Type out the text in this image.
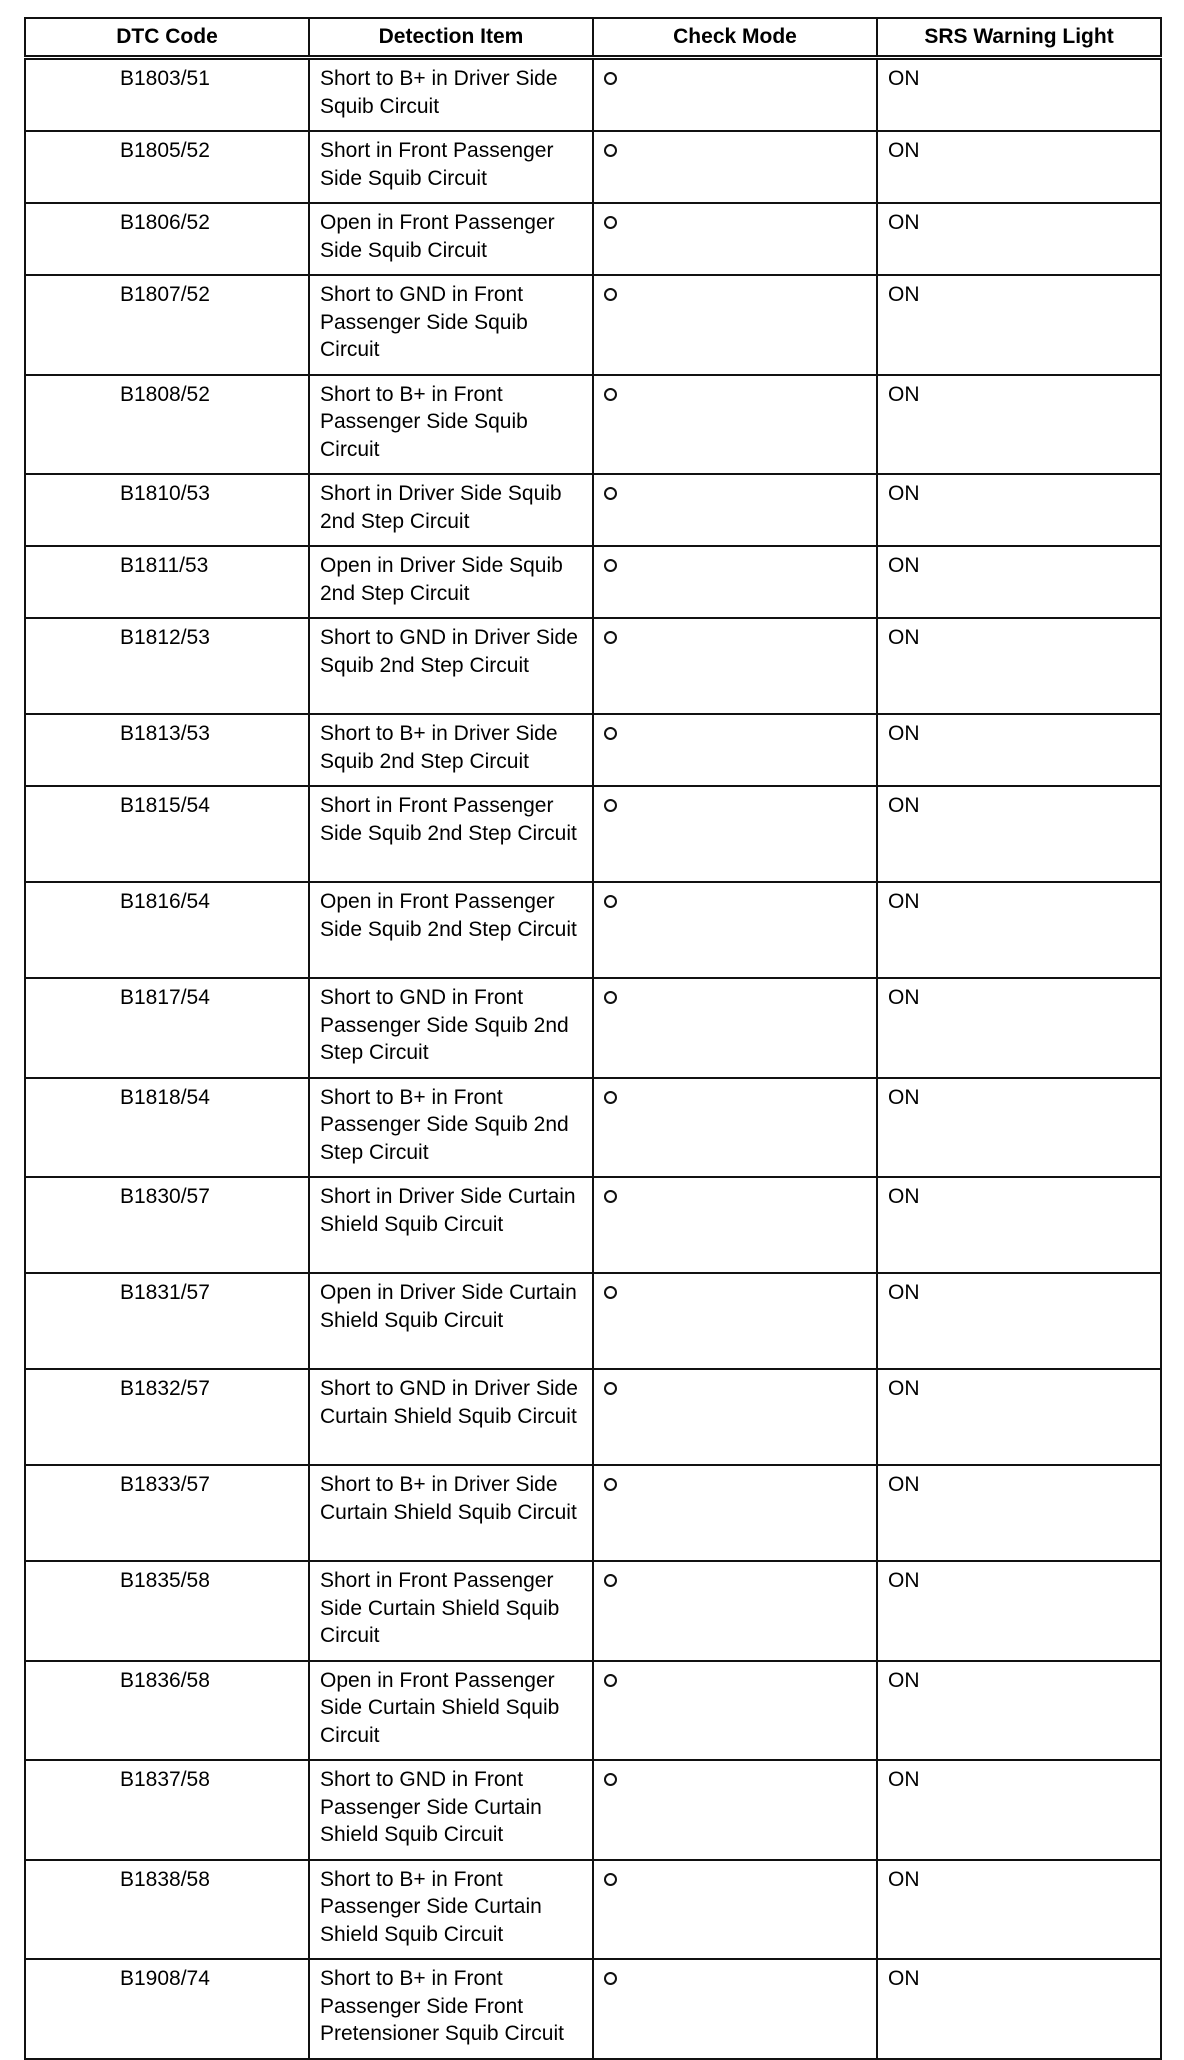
DTC Code	Detection Item	Check Mode	SRS Warning Light
B1803/51	Short to B+ in Driver Side Squib Circuit		ON
B1805/52	Short in Front Passenger Side Squib Circuit		ON
B1806/52	Open in Front Passenger Side Squib Circuit		ON
B1807/52	Short to GND in Front Passenger Side Squib Circuit		ON
B1808/52	Short to B+ in Front Passenger Side Squib Circuit		ON
B1810/53	Short in Driver Side Squib 2nd Step Circuit		ON
B1811/53	Open in Driver Side Squib 2nd Step Circuit		ON
B1812/53	Short to GND in Driver Side Squib 2nd Step Circuit		ON
B1813/53	Short to B+ in Driver Side Squib 2nd Step Circuit		ON
B1815/54	Short in Front Passenger Side Squib 2nd Step Circuit		ON
B1816/54	Open in Front Passenger Side Squib 2nd Step Circuit		ON
B1817/54	Short to GND in Front Passenger Side Squib 2nd Step Circuit		ON
B1818/54	Short to B+ in Front Passenger Side Squib 2nd Step Circuit		ON
B1830/57	Short in Driver Side Curtain Shield Squib Circuit		ON
B1831/57	Open in Driver Side Curtain Shield Squib Circuit		ON
B1832/57	Short to GND in Driver Side Curtain Shield Squib Circuit		ON
B1833/57	Short to B+ in Driver Side Curtain Shield Squib Circuit		ON
B1835/58	Short in Front Passenger Side Curtain Shield Squib Circuit		ON
B1836/58	Open in Front Passenger Side Curtain Shield Squib Circuit		ON
B1837/58	Short to GND in Front Passenger Side Curtain Shield Squib Circuit		ON
B1838/58	Short to B+ in Front Passenger Side Curtain Shield Squib Circuit		ON
B1908/74	Short to B+ in Front Passenger Side Front Pretensioner Squib Circuit		ON
